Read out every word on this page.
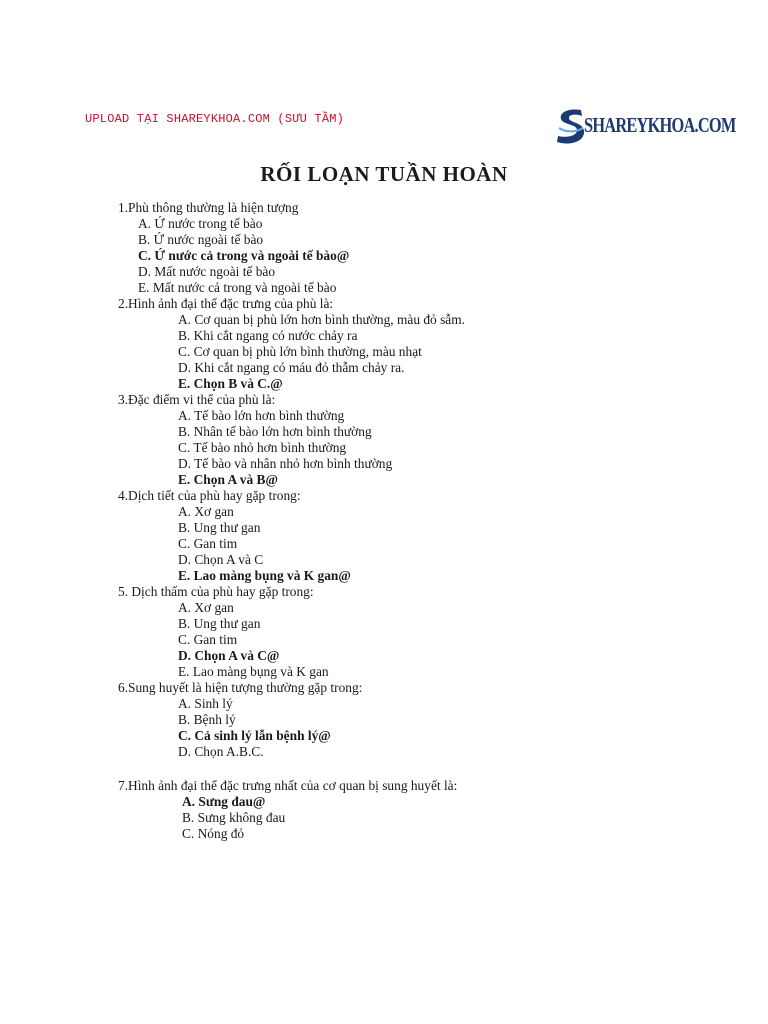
UPLOAD TẠI SHAREYKHOA.COM (SƯU TẦM)	SHAREYKHOA.COM
RỐI LOẠN TUẦN HOÀN

1.Phù thông thường là hiện tượng

A. Ứ nước trong tế bào

B. Ứ nước ngoài tế bào

C. Ứ nước cả trong và ngoài tế bào@

D. Mất nước ngoài tế bào

E. Mất nước cả trong và ngoài tế bào

2.Hình ảnh đại thể đặc trưng của phù là:

A. Cơ quan bị phù lớn hơn bình thường, màu đỏ sẫm.

B. Khi cắt ngang có nước chảy ra

C. Cơ quan bị phù lớn bình thường, màu nhạt

D. Khi cắt ngang có máu đỏ thẫm chảy ra.

E. Chọn B và C.@

3.Đặc điểm vi thể của phù là:

A. Tế bào lớn hơn bình thường

B. Nhân tế bào lớn hơn bình thường

C. Tế bào nhỏ hơn bình thường

D. Tế bào và nhân nhỏ hơn bình thường

E. Chọn A và B@

4.Dịch tiết của phù hay gặp trong:

A. Xơ gan

B. Ung thư gan

C. Gan tim

D. Chọn A và C

E. Lao màng bụng và K gan@

5. Dịch thấm của phù hay gặp trong:

A. Xơ gan

B. Ung thư gan

C. Gan tim

D. Chọn A và C@

E. Lao màng bụng và K gan

6.Sung huyết là hiện tượng thường gặp trong:

A. Sinh lý

B. Bệnh lý

C. Cả sinh lý lẫn bệnh lý@

D. Chọn A.B.C.

7.Hình ảnh đại thể đặc trưng nhất của cơ quan bị sung huyết là:

A. Sưng đau@

B. Sưng không đau

C. Nóng đỏ
